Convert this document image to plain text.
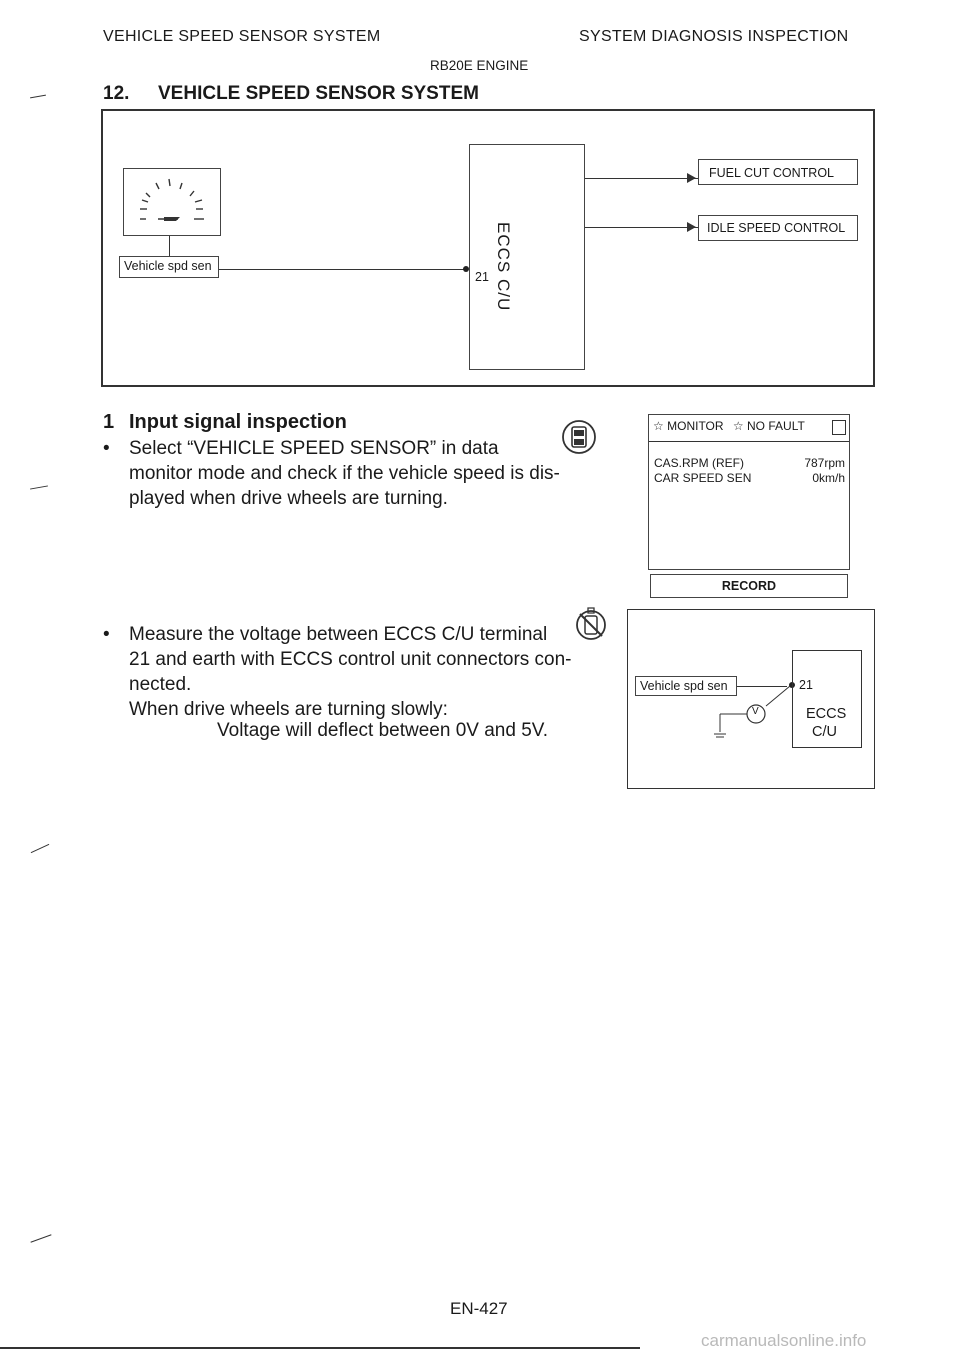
VEHICLE SPEED SENSOR SYSTEM	SYSTEM DIAGNOSIS INSPECTION
RB20E ENGINE
12. VEHICLE SPEED SENSOR SYSTEM
Vehicle spd sen
21 ECCS C/U
FUEL CUT CONTROL
IDLE SPEED CONTROL
1 Input signal inspection
• Select “VEHICLE SPEED SENSOR” in data
monitor mode and check if the vehicle speed is dis-
played when drive wheels are turning.
☆ MONITOR ☆ NO FAULT
CAS.RPM (REF)	787rpm
CAR SPEED SEN	0km/h
RECORD
• Measure the voltage between ECCS C/U terminal
21 and earth with ECCS control unit connectors con-
nected.
When drive wheels are turning slowly:
Voltage will deflect between 0V and 5V.
Vehicle spd sen	21
ECCS
C/U
V
EN-427
carmanualsonline.info
